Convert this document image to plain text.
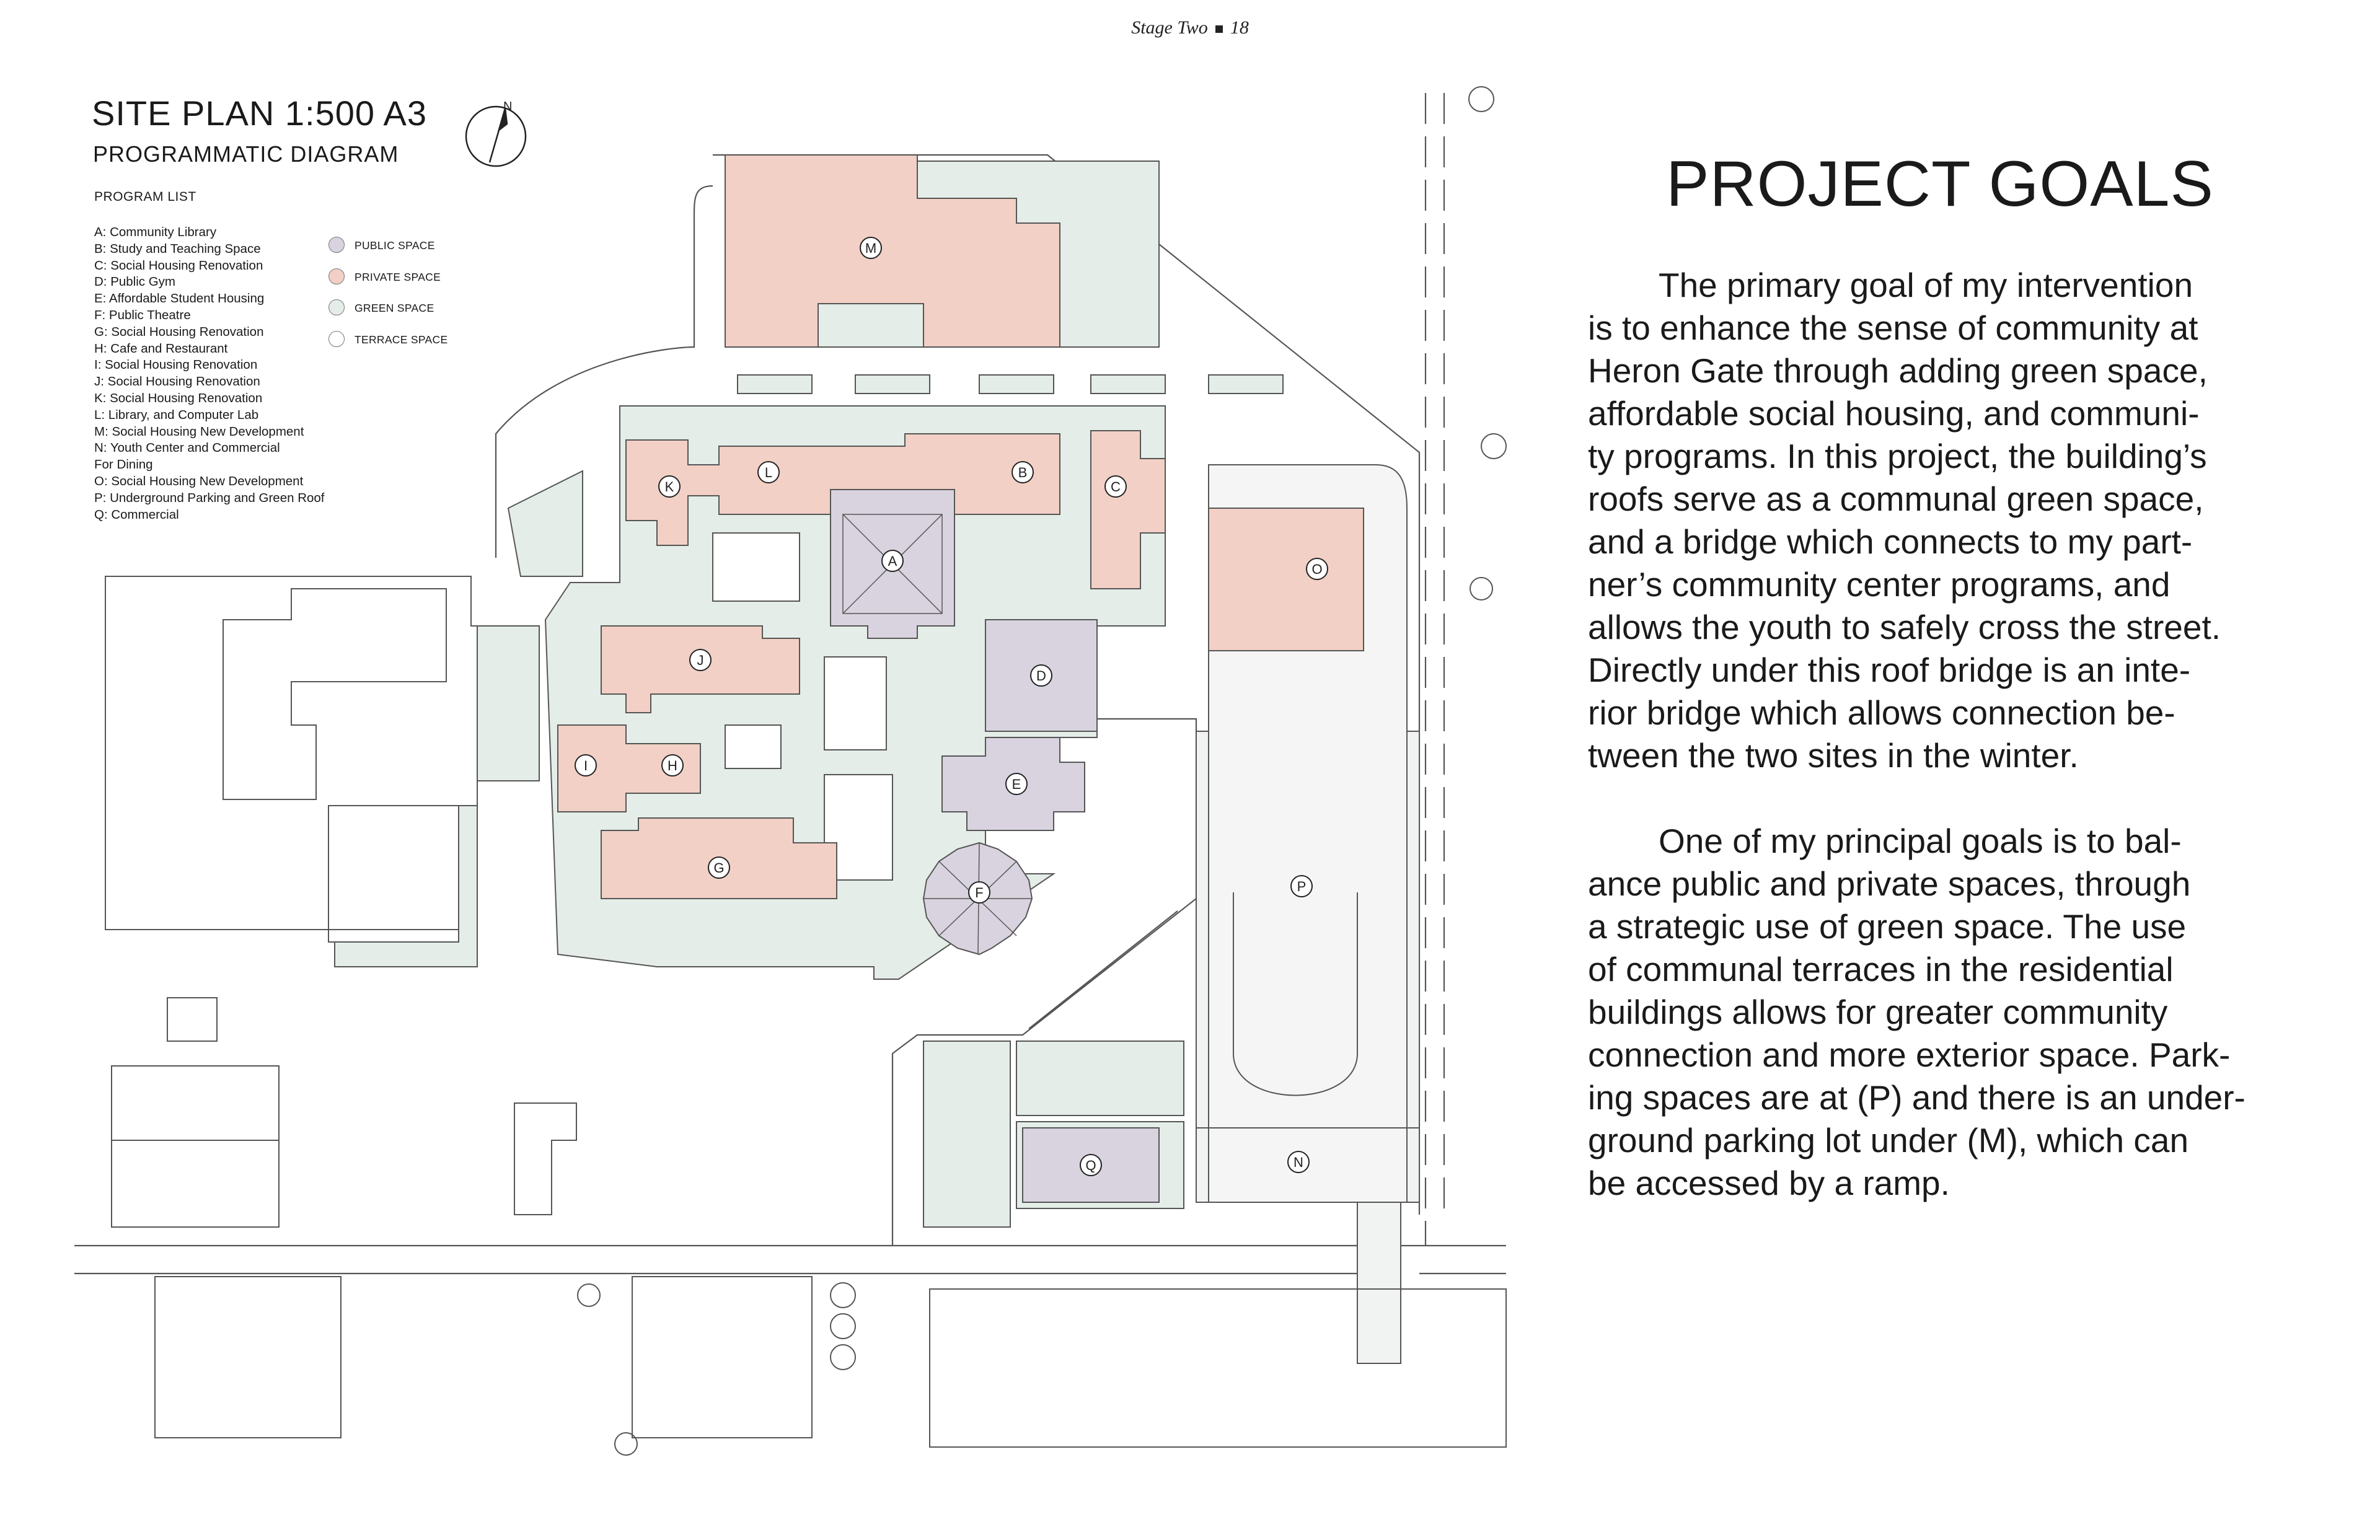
Stage Two 18
N
A
B
C
D
E
F
G
H
I
J
K
L
M
N
O
P
Q
SITE PLAN 1:500 A3
PROGRAMMATIC DIAGRAM
PROGRAM LIST
A: Community Library
B: Study and Teaching Space
C: Social Housing Renovation
D: Public Gym
E: Affordable Student Housing
F: Public Theatre
G: Social Housing Renovation
H: Cafe and Restaurant
I: Social Housing Renovation
J: Social Housing Renovation
K: Social Housing Renovation
L: Library, and Computer Lab
M: Social Housing New Development
N: Youth Center and Commercial
For Dining
O: Social Housing New Development
P: Underground Parking and Green Roof
Q: Commercial
PUBLIC SPACE
PRIVATE SPACE
GREEN SPACE
TERRACE SPACE
PROJECT GOALS

The primary goal of my intervention
is to enhance the sense of community at
Heron Gate through adding green space,
affordable social housing, and communi-
ty programs. In this project, the building’s
roofs serve as a communal green space,
and a bridge which connects to my part-
ner’s community center programs, and
allows the youth to safely cross the street.
Directly under this roof bridge is an inte-
rior bridge which allows connection be-
tween the two sites in the winter.

One of my principal goals is to bal-
ance public and private spaces, through
a strategic use of green space. The use
of communal terraces in the residential
buildings allows for greater community
connection and more exterior space. Park-
ing spaces are at (P) and there is an under-
ground parking lot under (M), which can
be accessed by a ramp.
